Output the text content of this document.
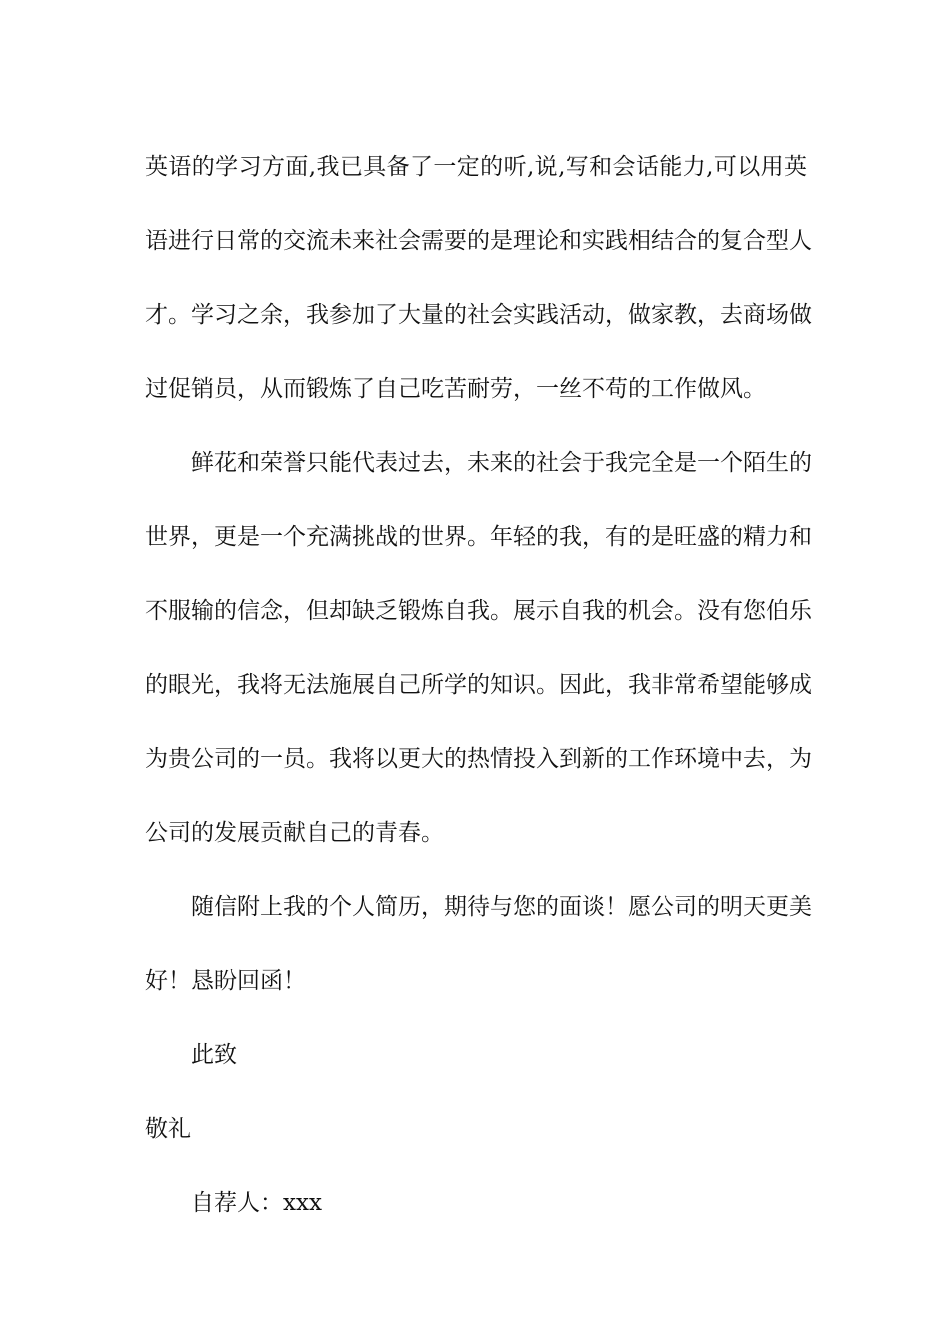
英语的学习方面,我已具备了一定的听,说,写和会话能力,可以用英
语进行日常的交流未来社会需要的是理论和实践相结合的复合型人
才。学习之余，我参加了大量的社会实践活动，做家教，去商场做
过促销员，从而锻炼了自己吃苦耐劳，一丝不苟的工作做风。
鲜花和荣誉只能代表过去，未来的社会于我完全是一个陌生的
世界，更是一个充满挑战的世界。年轻的我，有的是旺盛的精力和
不服输的信念，但却缺乏锻炼自我。展示自我的机会。没有您伯乐
的眼光，我将无法施展自己所学的知识。因此，我非常希望能够成
为贵公司的一员。我将以更大的热情投入到新的工作环境中去，为
公司的发展贡献自己的青春。
随信附上我的个人简历，期待与您的面谈！愿公司的明天更美
好！恳盼回函！
此致
敬礼
自荐人：xxx
